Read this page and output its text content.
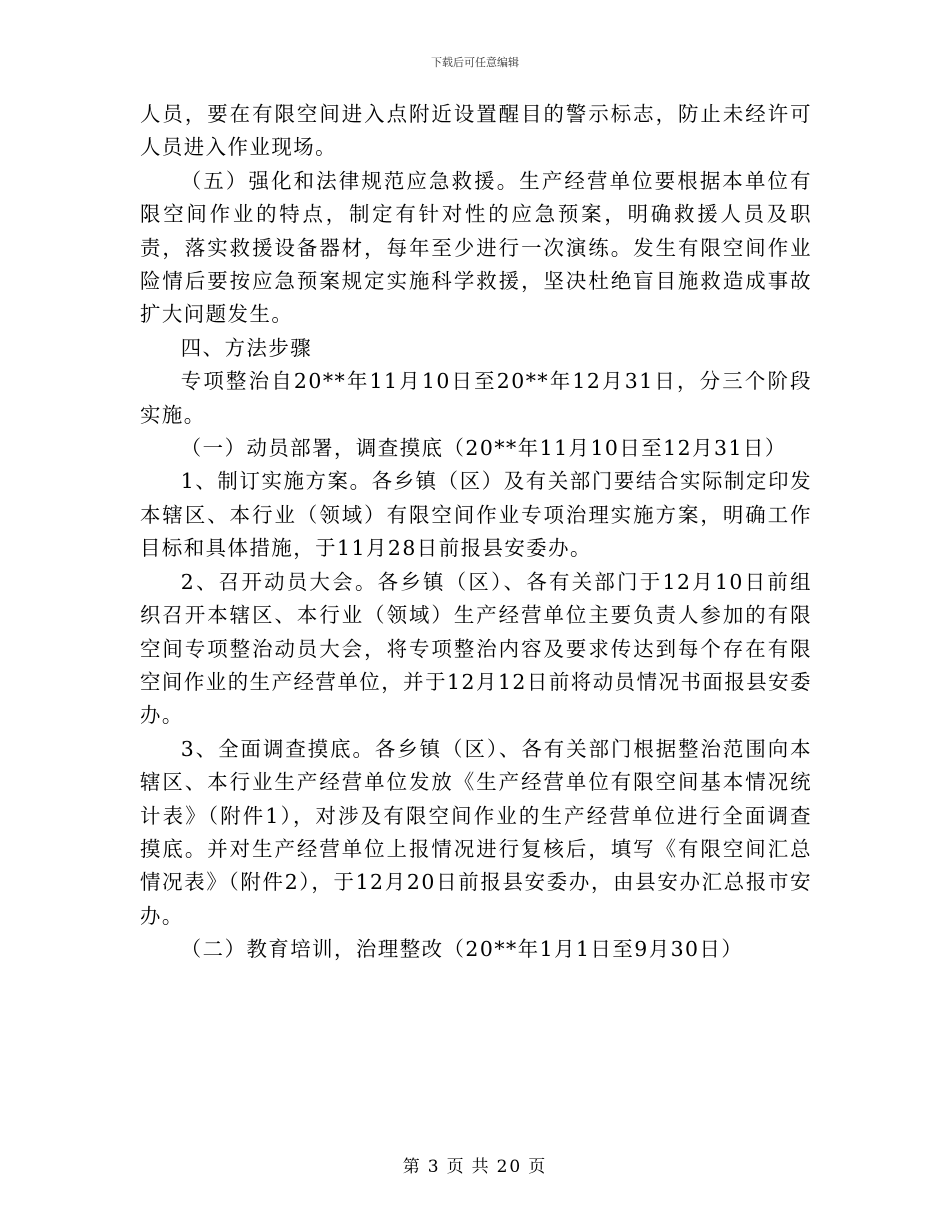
下载后可任意编辑

人员，要在有限空间进入点附近设置醒目的警示标志，防止未经许可人员进入作业现场。

（五）强化和法律规范应急救援。生产经营单位要根据本单位有限空间作业的特点，制定有针对性的应急预案，明确救援人员及职责，落实救援设备器材，每年至少进行一次演练。发生有限空间作业险情后要按应急预案规定实施科学救援，坚决杜绝盲目施救造成事故扩大问题发生。

四、方法步骤

专项整治自20**年11月10日至20**年12月31日，分三个阶段实施。

（一）动员部署，调查摸底（20**年11月10日至12月31日）

1、制订实施方案。各乡镇（区）及有关部门要结合实际制定印发本辖区、本行业（领域）有限空间作业专项治理实施方案，明确工作目标和具体措施，于11月28日前报县安委办。

2、召开动员大会。各乡镇（区）、各有关部门于12月10日前组织召开本辖区、本行业（领域）生产经营单位主要负责人参加的有限空间专项整治动员大会，将专项整治内容及要求传达到每个存在有限空间作业的生产经营单位，并于12月12日前将动员情况书面报县安委办。

3、全面调查摸底。各乡镇（区）、各有关部门根据整治范围向本辖区、本行业生产经营单位发放《生产经营单位有限空间基本情况统计表》（附件1），对涉及有限空间作业的生产经营单位进行全面调查摸底。并对生产经营单位上报情况进行复核后，填写《有限空间汇总情况表》（附件2），于12月20日前报县安委办，由县安办汇总报市安办。

（二）教育培训，治理整改（20**年1月1日至9月30日）

第 3 页 共 20 页
